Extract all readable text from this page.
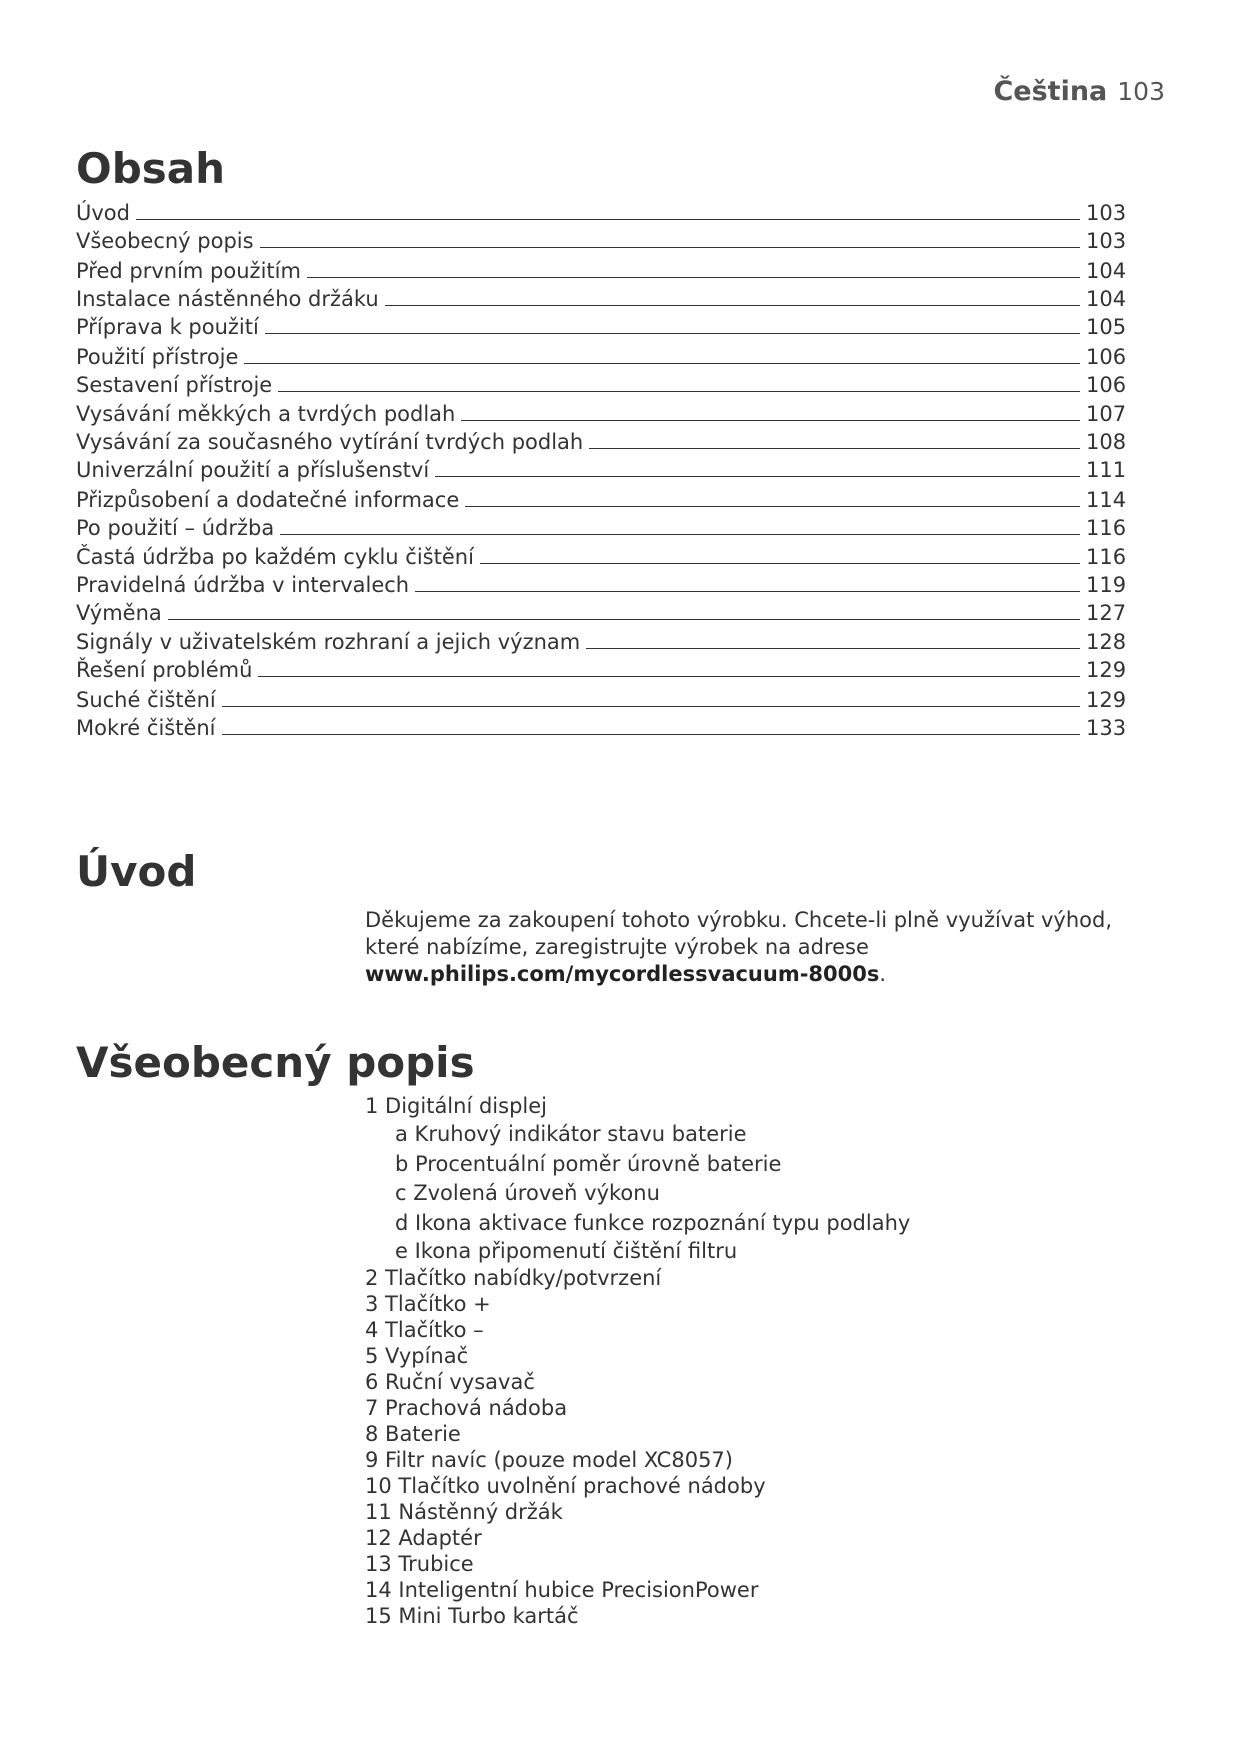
Čeština 103
Obsah
Úvod	103
Všeobecný popis	103
Před prvním použitím	104
Instalace nástěnného držáku	104
Příprava k použití	105
Použití přístroje	106
Sestavení přístroje	106
Vysávání měkkých a tvrdých podlah	107
Vysávání za současného vytírání tvrdých podlah	108
Univerzální použití a příslušenství	111
Přizpůsobení a dodatečné informace	114
Po použití – údržba	116
Častá údržba po každém cyklu čištění	116
Pravidelná údržba v intervalech	119
Výměna	127
Signály v uživatelském rozhraní a jejich význam	128
Řešení problémů	129
Suché čištění	129
Mokré čištění	133
Úvod
Děkujeme za zakoupení tohoto výrobku. Chcete-li plně využívat výhod, které nabízíme, zaregistrujte výrobek na adrese www.philips.com/mycordlessvacuum-8000s.
Všeobecný popis
1 Digitální displej
a Kruhový indikátor stavu baterie
b Procentuální poměr úrovně baterie
c Zvolená úroveň výkonu
d Ikona aktivace funkce rozpoznání typu podlahy
e Ikona připomenutí čištění filtru
2 Tlačítko nabídky/potvrzení
3 Tlačítko +
4 Tlačítko –
5 Vypínač
6 Ruční vysavač
7 Prachová nádoba
8 Baterie
9 Filtr navíc (pouze model XC8057)
10 Tlačítko uvolnění prachové nádoby
11 Nástěnný držák
12 Adaptér
13 Trubice
14 Inteligentní hubice PrecisionPower
15 Mini Turbo kartáč
